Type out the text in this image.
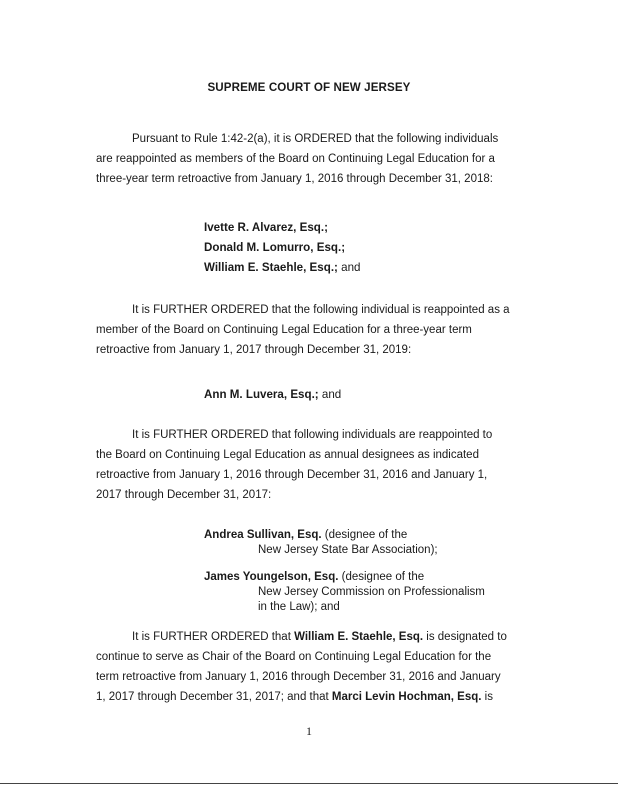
SUPREME COURT OF NEW JERSEY
Pursuant to Rule 1:42-2(a), it is ORDERED that the following individuals
are reappointed as members of the Board on Continuing Legal Education for a
three-year term retroactive from January 1, 2016 through December 31, 2018:
Ivette R. Alvarez, Esq.;
Donald M. Lomurro, Esq.;
William E. Staehle, Esq.; and
It is FURTHER ORDERED that the following individual is reappointed as a
member of the Board on Continuing Legal Education for a three-year term
retroactive from January 1, 2017 through December 31, 2019:
Ann M. Luvera, Esq.; and
It is FURTHER ORDERED that following individuals are reappointed to
the Board on Continuing Legal Education as annual designees as indicated
retroactive from January 1, 2016 through December 31, 2016 and January 1,
2017 through December 31, 2017:
Andrea Sullivan, Esq. (designee of the
New Jersey State Bar Association);
James Youngelson, Esq. (designee of the
New Jersey Commission on Professionalism
in the Law); and
It is FURTHER ORDERED that William E. Staehle, Esq. is designated to
continue to serve as Chair of the Board on Continuing Legal Education for the
term retroactive from January 1, 2016 through December 31, 2016 and January
1, 2017 through December 31, 2017; and that Marci Levin Hochman, Esq. is
1
